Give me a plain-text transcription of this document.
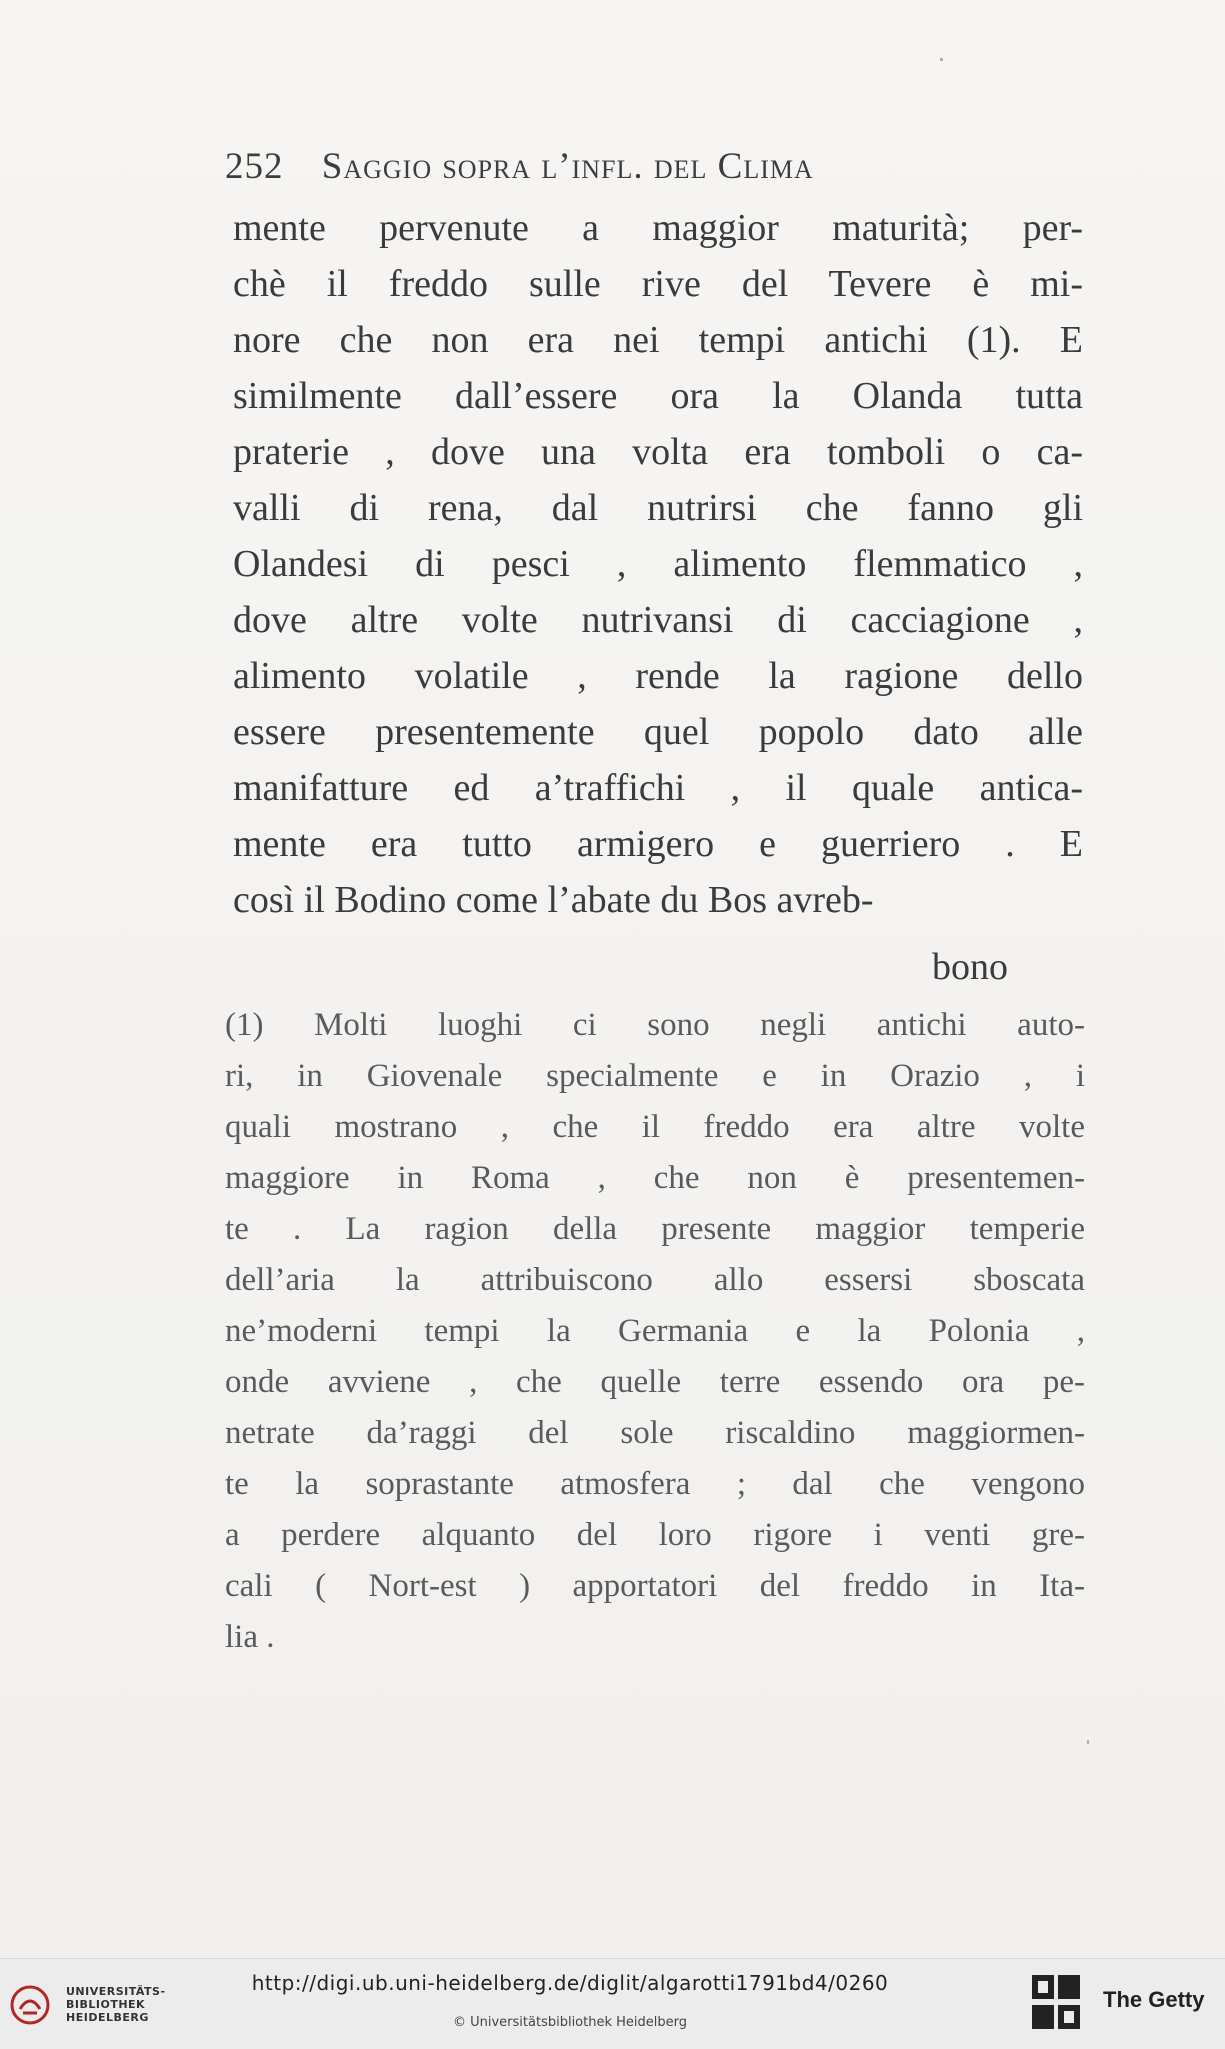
252 Saggio sopra l’infl. del Clima
mente pervenute a maggior maturità; per-
chè il freddo sulle rive del Tevere è mi-
nore che non era nei tempi antichi (1). E
similmente dall’essere ora la Olanda tutta
praterie , dove una volta era tomboli o ca-
valli di rena, dal nutrirsi che fanno gli
Olandesi di pesci , alimento flemmatico ,
dove altre volte nutrivansi di cacciagione ,
alimento volatile , rende la ragione dello
essere presentemente quel popolo dato alle
manifatture ed a’traffichi , il quale antica-
mente era tutto armigero e guerriero . E
così il Bodino come l’abate du Bos avreb-
bono
(1) Molti luoghi ci sono negli antichi auto-
ri, in Giovenale specialmente e in Orazio , i
quali mostrano , che il freddo era altre volte
maggiore in Roma , che non è presentemen-
te . La ragion della presente maggior temperie
dell’aria la attribuiscono allo essersi sboscata
ne’moderni tempi la Germania e la Polonia ,
onde avviene , che quelle terre essendo ora pe-
netrate da’raggi del sole riscaldino maggiormen-
te la soprastante atmosfera ; dal che vengono
a perdere alquanto del loro rigore i venti gre-
cali ( Nort-est ) apportatori del freddo in Ita-
lia .
UNIVERSITÄTS-
BIBLIOTHEK
HEIDELBERG
http://digi.ub.uni-heidelberg.de/diglit/algarotti1791bd4/0260
© Universitätsbibliothek Heidelberg
The Getty
